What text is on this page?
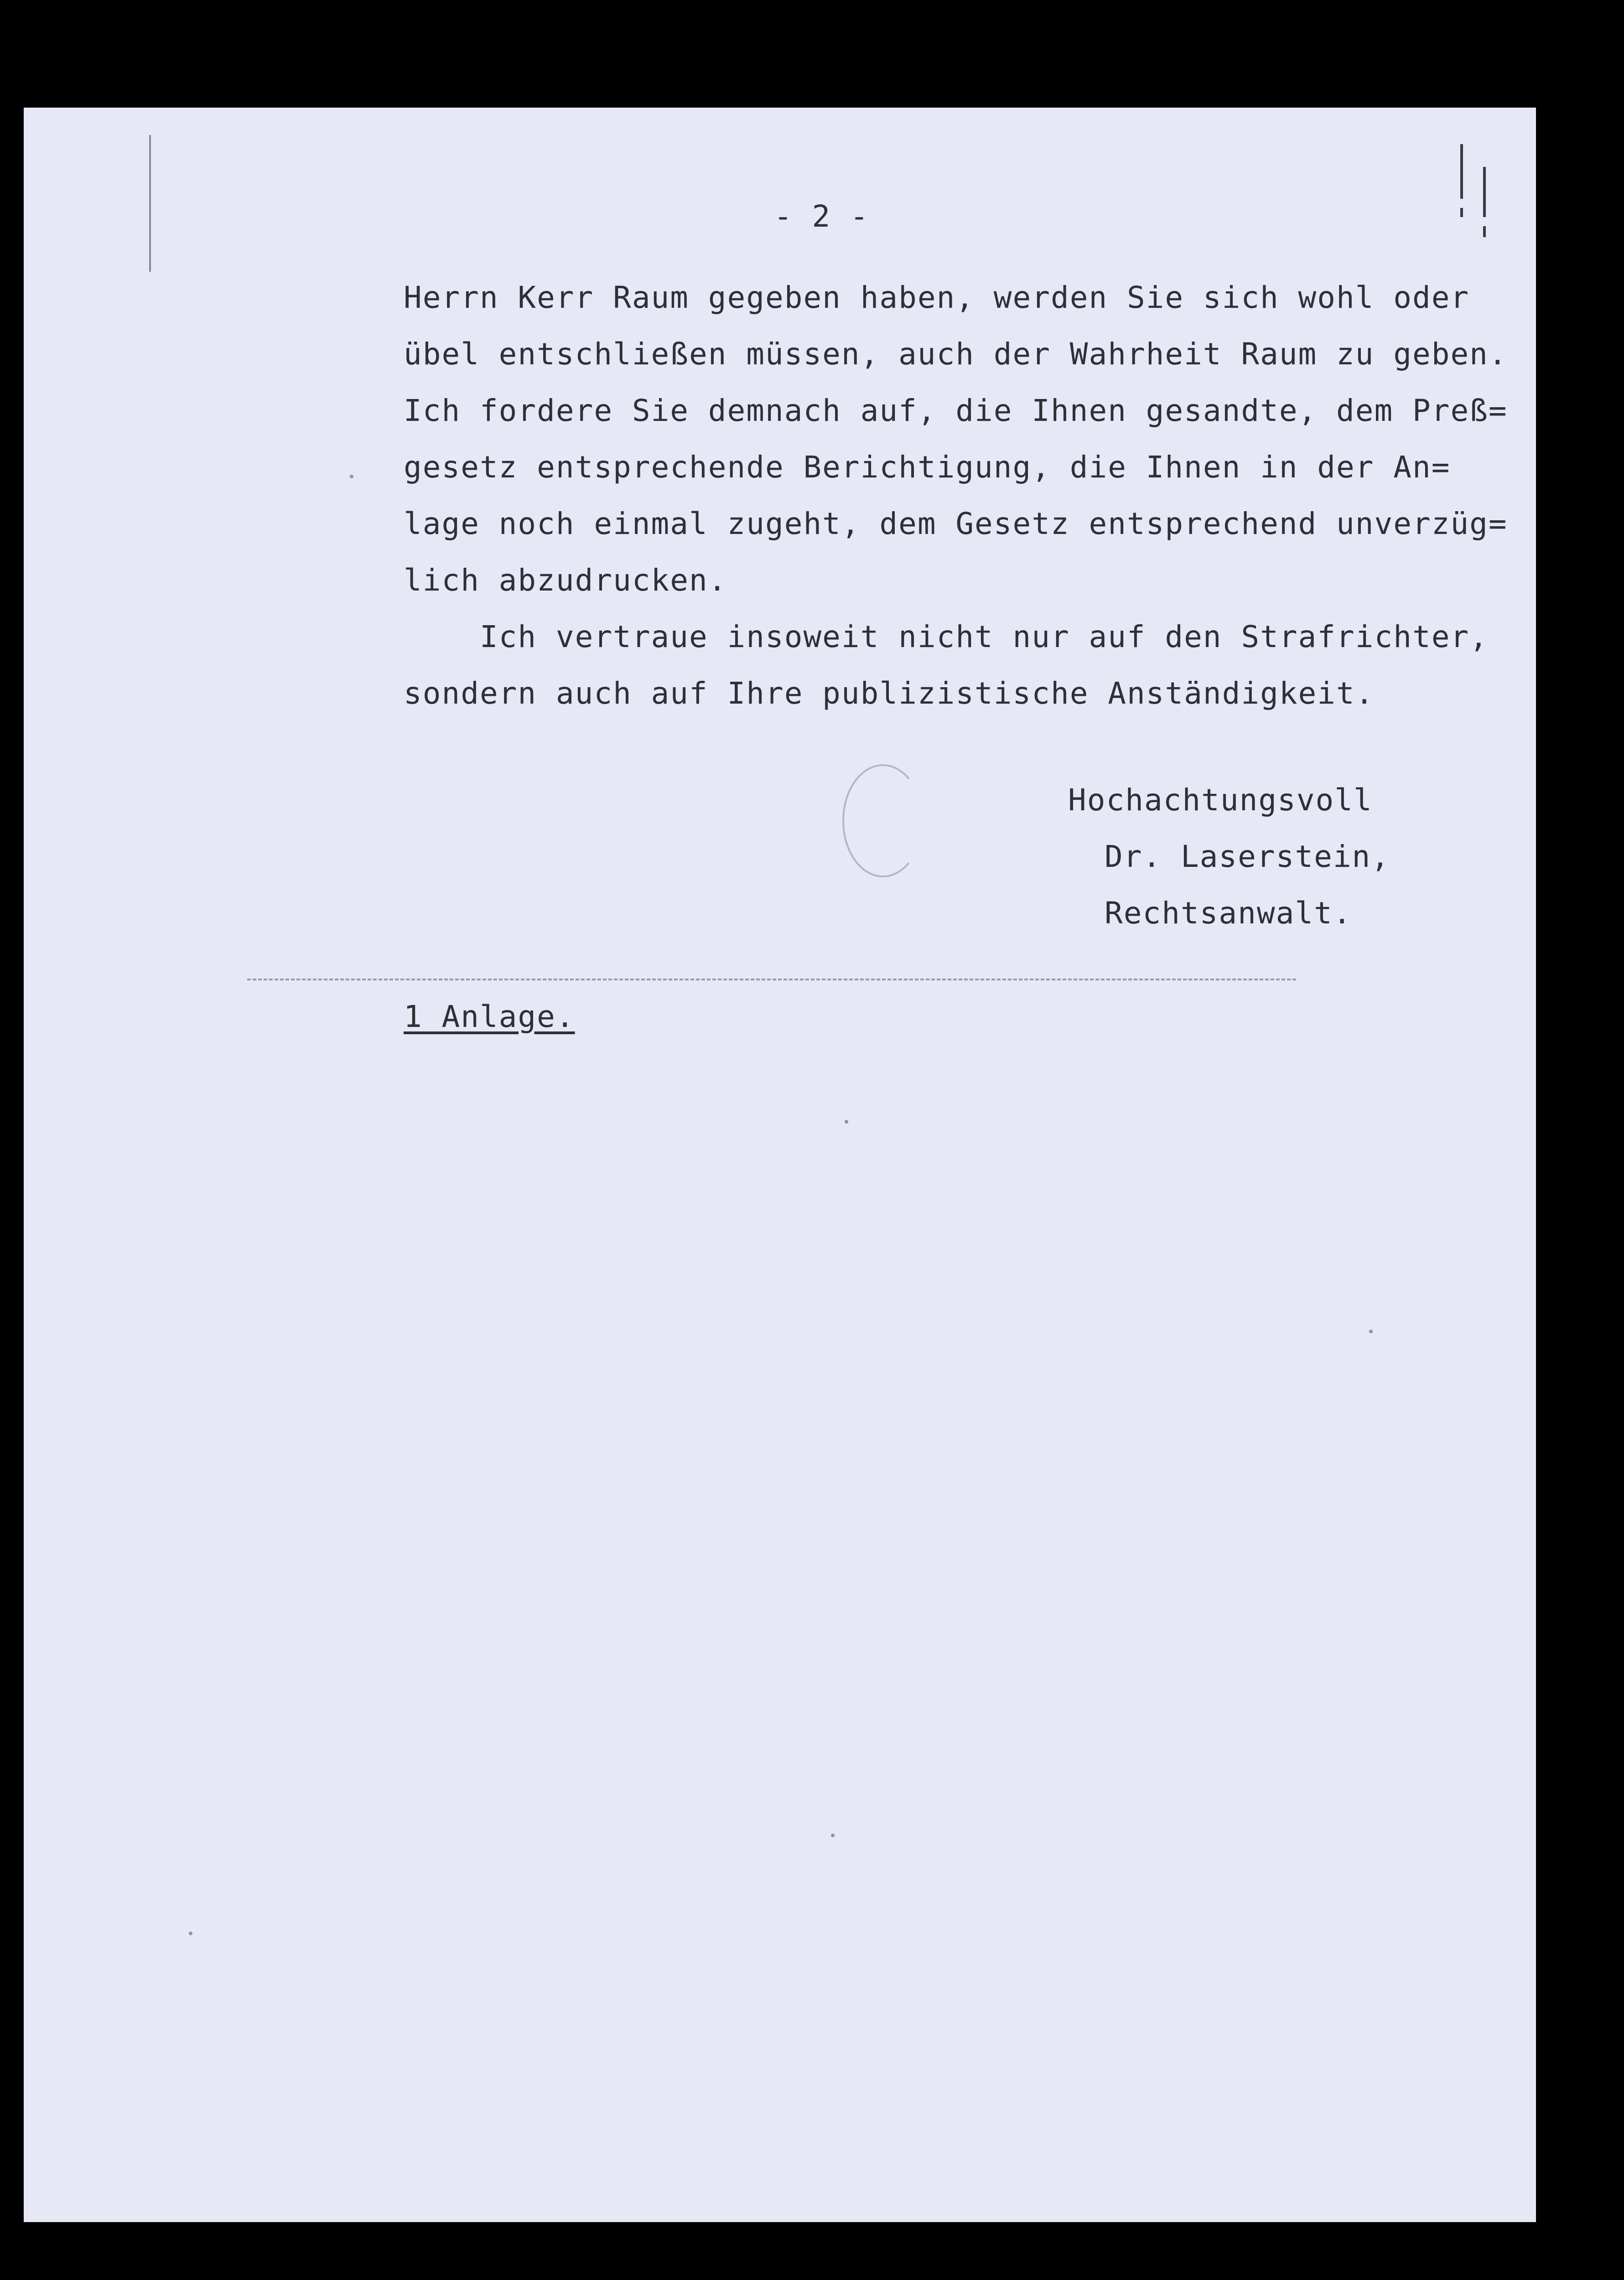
- 2 -
Herrn Kerr Raum gegeben haben, werden Sie sich wohl oder
übel entschließen müssen, auch der Wahrheit Raum zu geben.
Ich fordere Sie demnach auf, die Ihnen gesandte, dem Preß=
gesetz entsprechende Berichtigung, die Ihnen in der An=
lage noch einmal zugeht, dem Gesetz entsprechend unverzüg=
lich abzudrucken.
Ich vertraue insoweit nicht nur auf den Strafrichter,
sondern auch auf Ihre publizistische Anständigkeit.
Hochachtungsvoll
Dr. Laserstein,
Rechtsanwalt.
1 Anlage.
